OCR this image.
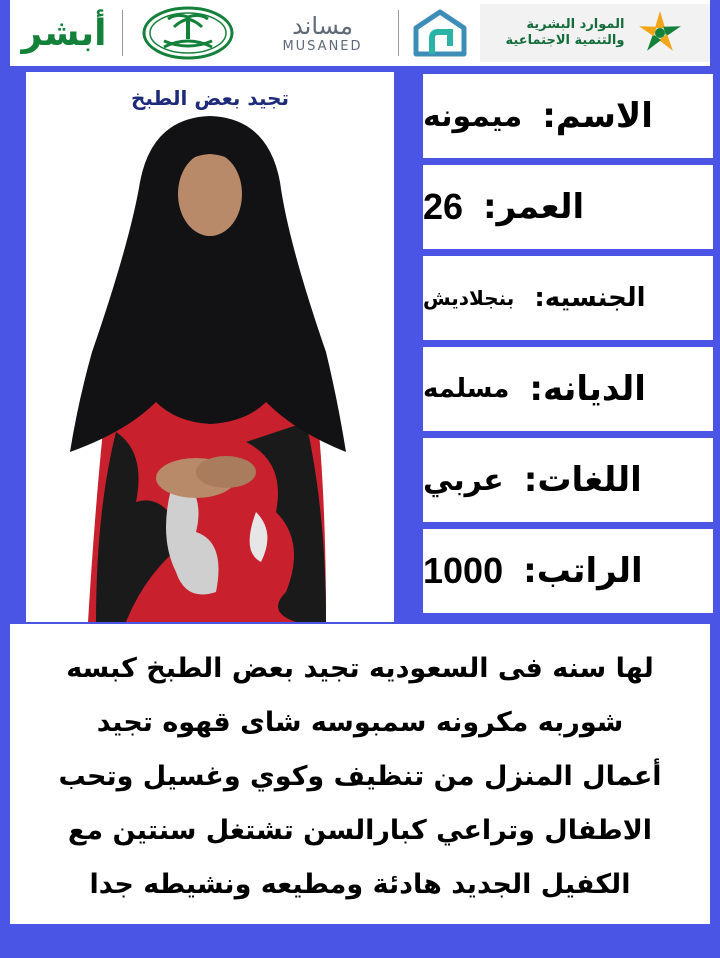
الموارد البشرية
والتنمية الاجتماعية
مساند
MUSANED
أبشر
تجيد بعض الطبخ	الاسم:
ميمونه
العمر:
26
الجنسيه:
بنجلاديش
الديانه:
مسلمه
اللغات:
عربي
الراتب:
1000
لها سنه فى السعوديه تجيد بعض الطبخ كبسه
شوربه مكرونه سمبوسه شاى قهوه تجيد
أعمال المنزل من تنظيف وكوي وغسيل وتحب
الاطفال وتراعي كبارالسن تشتغل سنتين مع
الكفيل الجديد هادئة ومطيعه ونشيطه جدا
